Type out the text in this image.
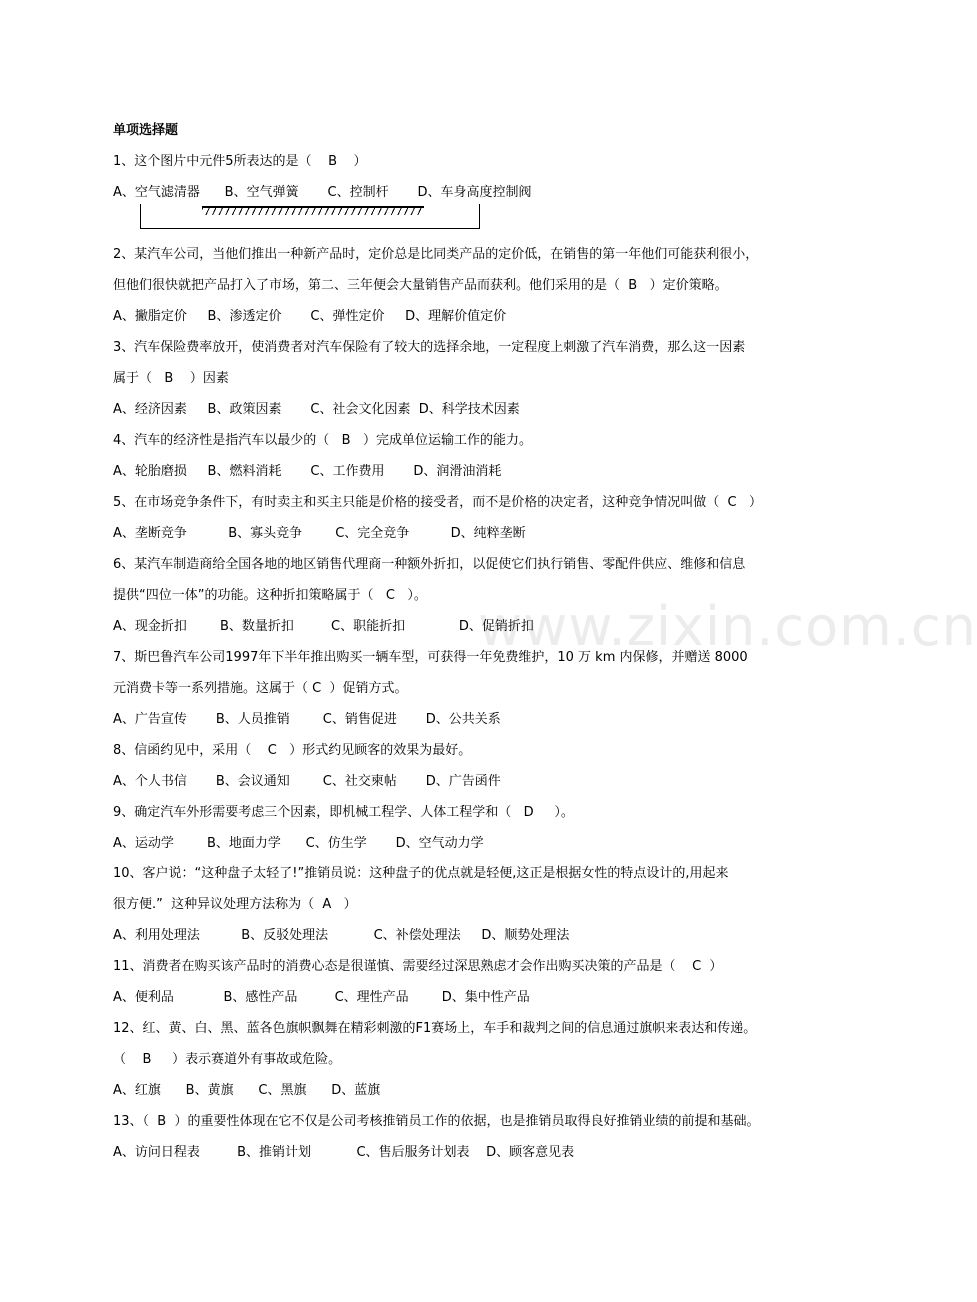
www.zixin.com.cn
单项选择题
1、这个图片中元件5所表达的是（    B    ）
A、空气滤清器      B、空气弹簧       C、控制杆       D、车身高度控制阀
2、某汽车公司，当他们推出一种新产品时，定价总是比同类产品的定价低，在销售的第一年他们可能获利很小，
但他们很快就把产品打入了市场，第二、三年便会大量销售产品而获利。他们采用的是（  B   ）定价策略。
A、撇脂定价     B、渗透定价       C、弹性定价     D、理解价值定价
3、汽车保险费率放开，使消费者对汽车保险有了较大的选择余地，一定程度上刺激了汽车消费，那么这一因素
属于（   B    ）因素
A、经济因素     B、政策因素       C、社会文化因素  D、科学技术因素
4、汽车的经济性是指汽车以最少的（   B   ）完成单位运输工作的能力。
A、轮胎磨损     B、燃料消耗       C、工作费用       D、润滑油消耗
5、在市场竞争条件下，有时卖主和买主只能是价格的接受者，而不是价格的决定者，这种竞争情况叫做（  C   ）
A、垄断竞争          B、寡头竞争        C、完全竞争          D、纯粹垄断
6、某汽车制造商给全国各地的地区销售代理商一种额外折扣，以促使它们执行销售、零配件供应、维修和信息
提供“四位一体”的功能。这种折扣策略属于（   C   ）。
A、现金折扣        B、数量折扣         C、职能折扣             D、促销折扣
7、斯巴鲁汽车公司1997年下半年推出购买一辆车型，可获得一年免费维护，10 万 km 内保修，并赠送 8000
元消费卡等一系列措施。这属于（ C  ）促销方式。
A、广告宣传       B、人员推销        C、销售促进       D、公共关系
8、信函约见中，采用（    C   ）形式约见顾客的效果为最好。
A、个人书信       B、会议通知        C、社交柬帖       D、广告函件
9、确定汽车外形需要考虑三个因素，即机械工程学、人体工程学和（   D     ）。
A、运动学        B、地面力学      C、仿生学       D、空气动力学
10、客户说：“这种盘子太轻了!”推销员说：这种盘子的优点就是轻便,这正是根据女性的特点设计的,用起来
很方便.”  这种异议处理方法称为（  A   ）
A、利用处理法          B、反驳处理法           C、补偿处理法     D、顺势处理法
11、消费者在购买该产品时的消费心态是很谨慎、需要经过深思熟虑才会作出购买决策的产品是（    C  ）
A、便利品            B、感性产品         C、理性产品        D、集中性产品
12、红、黄、白、黑、蓝各色旗帜飘舞在精彩刺激的F1赛场上，车手和裁判之间的信息通过旗帜来表达和传递。
（    B     ）表示赛道外有事故或危险。
A、红旗      B、黄旗      C、黑旗      D、蓝旗
13、（  B  ）的重要性体现在它不仅是公司考核推销员工作的依据，也是推销员取得良好推销业绩的前提和基础。
A、访问日程表         B、推销计划           C、售后服务计划表    D、顾客意见表
